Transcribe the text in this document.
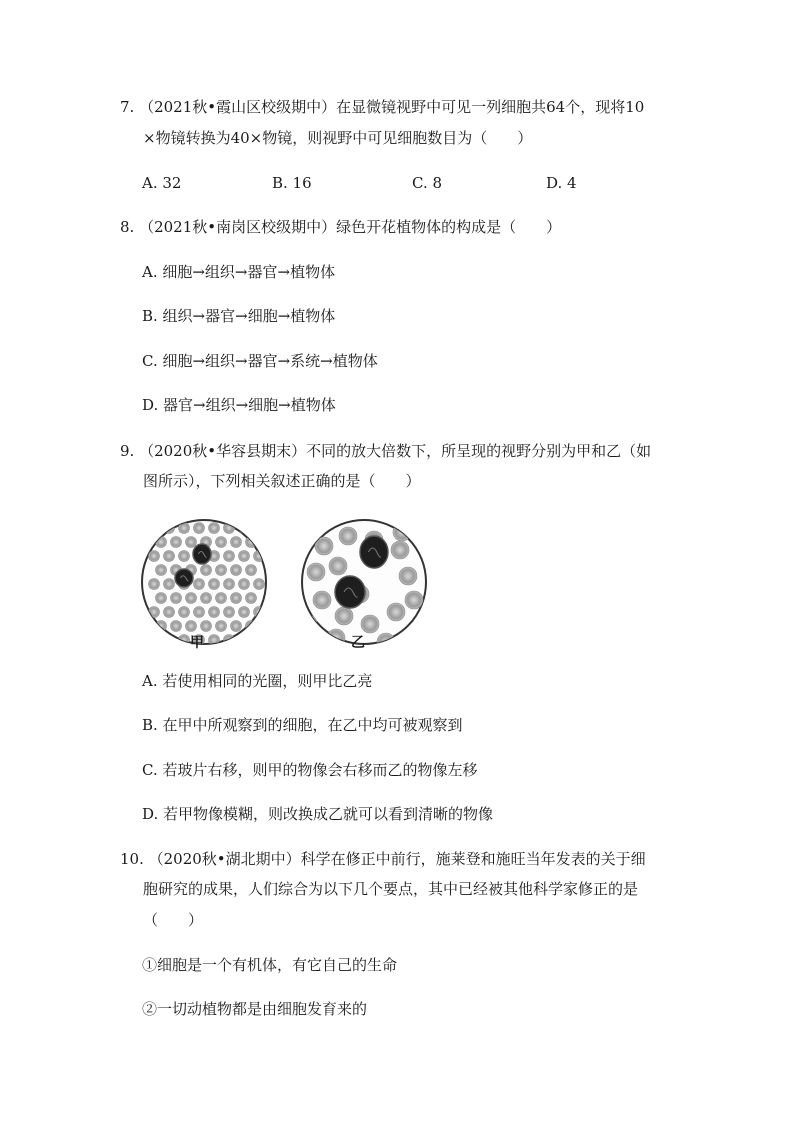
7. （2021秋•霞山区校级期中）在显微镜视野中可见一列细胞共64个，现将10
×物镜转换为40×物镜，则视野中可见细胞数目为（　　）
A. 32	B. 16	C. 8	D. 4
8. （2021秋•南岗区校级期中）绿色开花植物体的构成是（　　）
A. 细胞→组织→器官→植物体
B. 组织→器官→细胞→植物体
C. 细胞→组织→器官→系统→植物体
D. 器官→组织→细胞→植物体
9. （2020秋•华容县期末）不同的放大倍数下，所呈现的视野分别为甲和乙（如
图所示），下列相关叙述正确的是（　　）
甲	乙
A. 若使用相同的光圈，则甲比乙亮
B. 在甲中所观察到的细胞，在乙中均可被观察到
C. 若玻片右移，则甲的物像会右移而乙的物像左移
D. 若甲物像模糊，则改换成乙就可以看到清晰的物像
10. （2020秋•湖北期中）科学在修正中前行，施莱登和施旺当年发表的关于细
胞研究的成果，人们综合为以下几个要点，其中已经被其他科学家修正的是
（　　）
①细胞是一个有机体，有它自己的生命
②一切动植物都是由细胞发育来的
